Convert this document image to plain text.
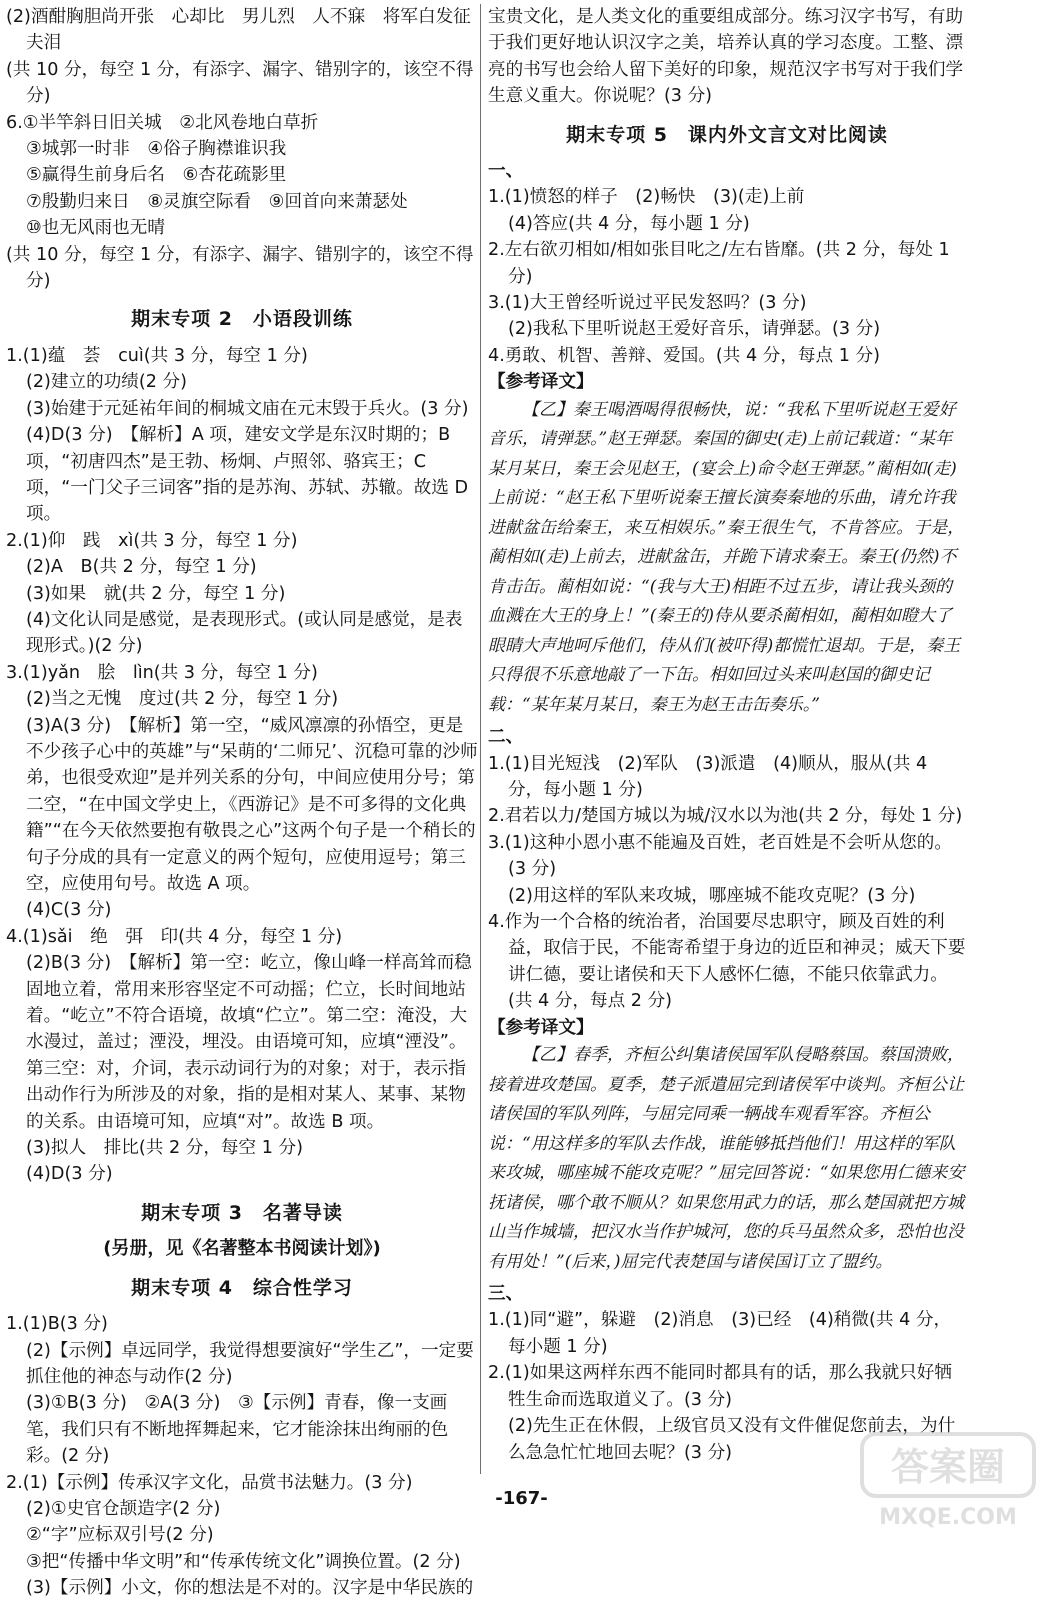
(2)酒酣胸胆尚开张　心却比　男儿烈　人不寐　将军白发征夫泪

(共 10 分，每空 1 分，有添字、漏字、错别字的，该空不得分)

6.①半竿斜日旧关城　②北风卷地白草折

③城郭一时非　④俗子胸襟谁识我

⑤赢得生前身后名　⑥杏花疏影里

⑦殷勤归来日　⑧灵旗空际看　⑨回首向来萧瑟处

⑩也无风雨也无晴

(共 10 分，每空 1 分，有添字、漏字、错别字的，该空不得分)

期末专项 2　小语段训练

1.(1)蕴　荟　cuì(共 3 分，每空 1 分)

(2)建立的功绩(2 分)

(3)始建于元延祐年间的桐城文庙在元末毁于兵火。(3 分)

(4)D(3 分)　【解析】A 项，建安文学是东汉时期的；B 项，“初唐四杰”是王勃、杨炯、卢照邻、骆宾王；C 项，“一门父子三词客”指的是苏洵、苏轼、苏辙。故选 D 项。

2.(1)仰　践　xì(共 3 分，每空 1 分)

(2)A　B(共 2 分，每空 1 分)

(3)如果　就(共 2 分，每空 1 分)

(4)文化认同是感觉，是表现形式。(或认同是感觉，是表现形式。)(2 分)

3.(1)yǎn　脍　lìn(共 3 分，每空 1 分)

(2)当之无愧　度过(共 2 分，每空 1 分)

(3)A(3 分)　【解析】第一空，“威风凛凛的孙悟空，更是不少孩子心中的英雄”与“呆萌的‘二师兄’、沉稳可靠的沙师弟，也很受欢迎”是并列关系的分句，中间应使用分号；第二空，“在中国文学史上，《西游记》是不可多得的文化典籍”“在今天依然要抱有敬畏之心”这两个句子是一个稍长的句子分成的具有一定意义的两个短句，应使用逗号；第三空，应使用句号。故选 A 项。

(4)C(3 分)

4.(1)sǎi　绝　弭　印(共 4 分，每空 1 分)

(2)B(3 分)　【解析】第一空：屹立，像山峰一样高耸而稳固地立着，常用来形容坚定不可动摇；伫立，长时间地站着。“屹立”不符合语境，故填“伫立”。第二空：淹没，大水漫过，盖过；湮没，埋没。由语境可知，应填“湮没”。第三空：对，介词，表示动词行为的对象；对于，表示指出动作行为所涉及的对象，指的是相对某人、某事、某物的关系。由语境可知，应填“对”。故选 B 项。

(3)拟人　排比(共 2 分，每空 1 分)

(4)D(3 分)

期末专项 3　名著导读
(另册，见《名著整本书阅读计划》)
期末专项 4　综合性学习

1.(1)B(3 分)

(2)【示例】卓远同学，我觉得想要演好“学生乙”，一定要抓住他的神态与动作(2 分)

(3)①B(3 分)　②A(3 分)　③【示例】青春，像一支画笔，我们只有不断地挥舞起来，它才能涂抹出绚丽的色彩。(2 分)

2.(1)【示例】传承汉字文化，品赏书法魅力。(3 分)

(2)①史官仓颉造字(2 分)

②“字”应标双引号(2 分)

③把“传播中华文明”和“传承传统文化”调换位置。(2 分)

(3)【示例】小文，你的想法是不对的。汉字是中华民族的

宝贵文化，是人类文化的重要组成部分。练习汉字书写，有助于我们更好地认识汉字之美，培养认真的学习态度。工整、漂亮的书写也会给人留下美好的印象，规范汉字书写对于我们学生意义重大。你说呢？(3 分)

期末专项 5　课内外文言文对比阅读

一、

1.(1)愤怒的样子　(2)畅快　(3)(走)上前

(4)答应(共 4 分，每小题 1 分)

2.左右欲刃相如/相如张目叱之/左右皆靡。(共 2 分，每处 1 分)

3.(1)大王曾经听说过平民发怒吗？(3 分)

(2)我私下里听说赵王爱好音乐，请弹瑟。(3 分)

4.勇敢、机智、善辩、爱国。(共 4 分，每点 1 分)

【参考译文】

【乙】秦王喝酒喝得很畅快，说：“我私下里听说赵王爱好音乐，请弹瑟。”赵王弹瑟。秦国的御史(走)上前记载道：“某年某月某日，秦王会见赵王，(宴会上)命令赵王弹瑟。”蔺相如(走)上前说：“赵王私下里听说秦王擅长演奏秦地的乐曲，请允许我进献盆缶给秦王，来互相娱乐。”秦王很生气，不肯答应。于是，蔺相如(走)上前去，进献盆缶，并跪下请求秦王。秦王(仍然)不肯击缶。蔺相如说：“(我与大王)相距不过五步，请让我头颈的血溅在大王的身上！”(秦王的)侍从要杀蔺相如，蔺相如瞪大了眼睛大声地呵斥他们，侍从们(被吓得)都慌忙退却。于是，秦王只得很不乐意地敲了一下缶。相如回过头来叫赵国的御史记载：“某年某月某日，秦王为赵王击缶奏乐。”

二、

1.(1)目光短浅　(2)军队　(3)派遣　(4)顺从，服从(共 4 分，每小题 1 分)

2.君若以力/楚国方城以为城/汉水以为池(共 2 分，每处 1 分)

3.(1)这种小恩小惠不能遍及百姓，老百姓是不会听从您的。(3 分)

(2)用这样的军队来攻城，哪座城不能攻克呢？(3 分)

4.作为一个合格的统治者，治国要尽忠职守，顾及百姓的利益，取信于民，不能寄希望于身边的近臣和神灵；威天下要讲仁德，要让诸侯和天下人感怀仁德，不能只依靠武力。(共 4 分，每点 2 分)

【参考译文】

【乙】春季，齐桓公纠集诸侯国军队侵略蔡国。蔡国溃败，接着进攻楚国。夏季，楚子派遣屈完到诸侯军中谈判。齐桓公让诸侯国的军队列阵，与屈完同乘一辆战车观看军容。齐桓公说：“用这样多的军队去作战，谁能够抵挡他们！用这样的军队来攻城，哪座城不能攻克呢？”屈完回答说：“如果您用仁德来安抚诸侯，哪个敢不顺从？如果您用武力的话，那么楚国就把方城山当作城墙，把汉水当作护城河，您的兵马虽然众多，恐怕也没有用处！”(后来，)屈完代表楚国与诸侯国订立了盟约。

三、

1.(1)同“避”，躲避　(2)消息　(3)已经　(4)稍微(共 4 分，每小题 1 分)

2.(1)如果这两样东西不能同时都具有的话，那么我就只好牺牲生命而选取道义了。(3 分)

(2)先生正在休假，上级官员又没有文件催促您前去，为什么急急忙忙地回去呢？(3 分)

-167-
答案圈
MXQE.COM
